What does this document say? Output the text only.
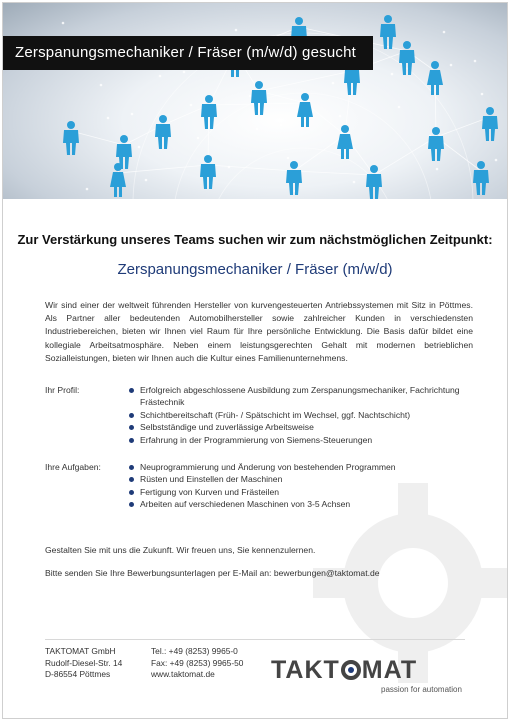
Zerspanungsmechaniker / Fräser (m/w/d) gesucht
Zur Verstärkung unseres Teams suchen wir zum nächstmöglichen Zeitpunkt:
Zerspanungsmechaniker / Fräser (m/w/d)
Wir sind einer der weltweit führenden Hersteller von kurvengesteuerten Antriebssystemen mit Sitz in Pöttmes. Als Partner aller bedeutenden Automobilhersteller sowie zahlreicher Kunden in verschiedensten Industriebereichen, bieten wir Ihnen viel Raum für Ihre persönliche Entwicklung. Die Basis dafür bildet eine kollegiale Arbeitsatmosphäre. Neben einem leistungsgerechten Gehalt mit modernen betrieblichen Sozialleistungen, bieten wir Ihnen auch die Kultur eines Familienunternehmens.
Ihr Profil:	Erfolgreich abgeschlossene Ausbildung zum Zerspanungsmechaniker, Fachrichtung Frästechnik
Schichtbereitschaft (Früh- / Spätschicht im Wechsel, ggf. Nachtschicht)
Selbstständige und zuverlässige Arbeitsweise
Erfahrung in der Programmierung von Siemens-Steuerungen
Ihre Aufgaben:	Neuprogrammierung und Änderung von bestehenden Programmen
Rüsten und Einstellen der Maschinen
Fertigung von Kurven und Frästeilen
Arbeiten auf verschiedenen Maschinen von 3-5 Achsen
Gestalten Sie mit uns die Zukunft. Wir freuen uns, Sie kennenzulernen.
Bitte senden Sie Ihre Bewerbungsunterlagen per E-Mail an: bewerbungen@taktomat.de
TAKTOMAT GmbH
Rudolf-Diesel-Str. 14
D-86554 Pöttmes
Tel.: +49 (8253) 9965-0
Fax: +49 (8253) 9965-50
www.taktomat.de	TAKT MAT
passion for automation
